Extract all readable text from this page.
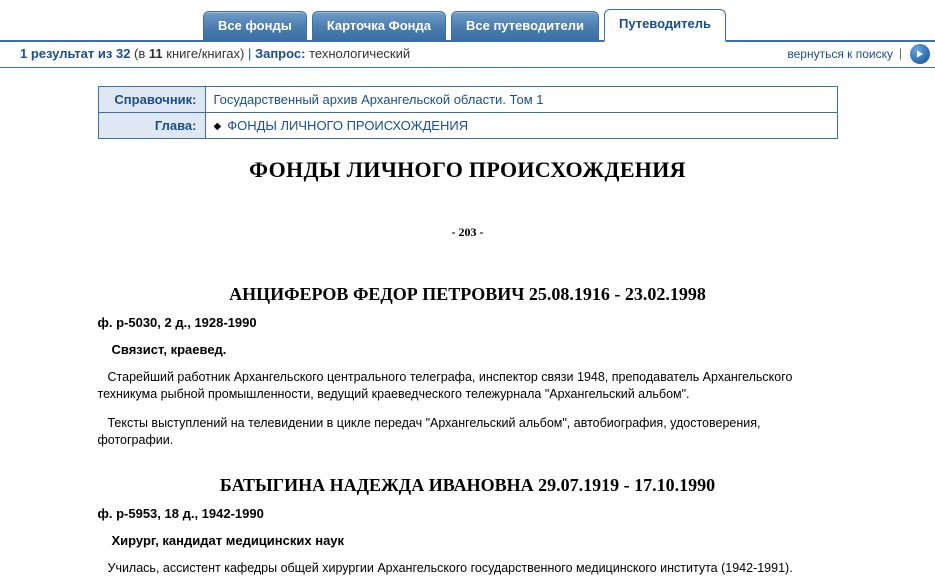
Все фонды	Карточка Фонда	Все путеводители	Путеводитель
1 результат из 32 (в 11 книге/книгах) | Запрос: технологический	вернуться к поиску |
Справочник:	Государственный архив Архангельской области. Том 1
Глава:	◆ ФОНДЫ ЛИЧНОГО ПРОИСХОЖДЕНИЯ
ФОНДЫ ЛИЧНОГО ПРОИСХОЖДЕНИЯ
- 203 -
АНЦИФЕРОВ ФЕДОР ПЕТРОВИЧ 25.08.1916 - 23.02.1998
ф. р-5030, 2 д., 1928-1990
Связист, краевед.
Старейший работник Архангельского центрального телеграфа, инспектор связи 1948, преподаватель Архангельского техникума рыбной промышленности, ведущий краеведческого тележурнала "Архангельский альбом".
Тексты выступлений на телевидении в цикле передач "Архангельский альбом", автобиография, удостоверения, фотографии.
БАТЫГИНА НАДЕЖДА ИВАНОВНА 29.07.1919 - 17.10.1990
ф. р-5953, 18 д., 1942-1990
Хирург, кандидат медицинских наук
Училась, ассистент кафедры общей хирургии Архангельского государственного медицинского института (1942-1991).
